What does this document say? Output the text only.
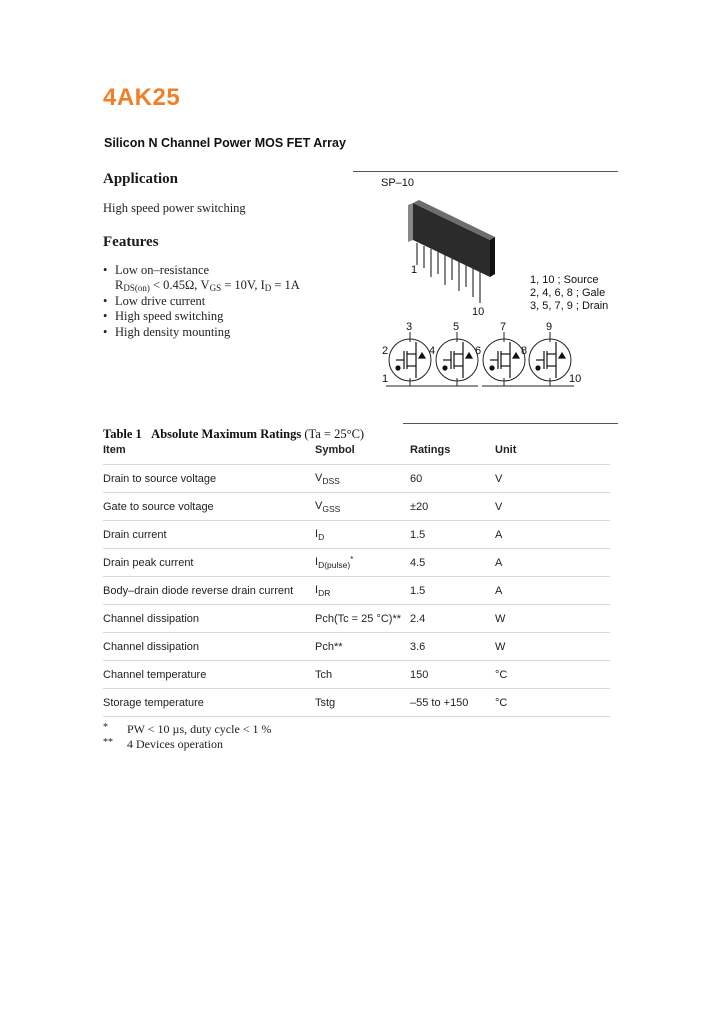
4AK25
Silicon N Channel Power MOS FET Array
Application
High speed power switching
Features
• Low on–resistance
$R_{DS(on)} < 0.45\Omega$, $V_{GS} = 10V$, $I_D = 1A$
• Low drive current
• High speed switching
• High density mounting
SP–10
1
10
1, 10 ; Source
2, 4, 6, 8 ; Gale
3, 5, 7, 9 ; Drain
3	5	7	9
2	4	6	8
1	10
Table 1 Absolute Maximum Ratings (Ta = 25°C)
Item	Symbol	Ratings	Unit
Drain to source voltage	$V_{DSS}$	60	V
Gate to source voltage	$V_{GSS}$	±20	V
Drain current	$I_D$	1.5	A
Drain peak current	$I_{D(pulse)}^*$	4.5	A
Body–drain diode reverse drain current	$I_{DR}$	1.5	A
Channel dissipation	Pch(Tc = 25 °C)**	2.4	W
Channel dissipation	Pch**	3.6	W
Channel temperature	Tch	150	°C
Storage temperature	Tstg	–55 to +150	°C
* PW < 10 µs, duty cycle < 1 %
** 4 Devices operation
